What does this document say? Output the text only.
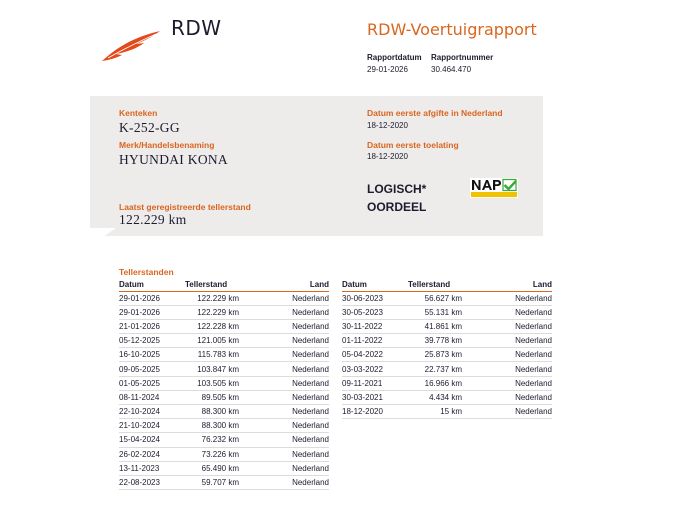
RDW	RDW-Voertuigrapport
Rapportdatum
29-01-2026
Rapportnummer
30.464.470
Kenteken
K-252-GG
Merk/Handelsbenaming
HYUNDAI KONA
Laatst geregistreerde tellerstand
122.229 km
Datum eerste afgifte in Nederland
18-12-2020
Datum eerste toelating
18-12-2020
LOGISCH*
OORDEEL
Tellerstanden
Datum	Tellerstand	Land
29-01-2026	122.229 km	Nederland
29-01-2026	122.229 km	Nederland
21-01-2026	122.228 km	Nederland
05-12-2025	121.005 km	Nederland
16-10-2025	115.783 km	Nederland
09-05-2025	103.847 km	Nederland
01-05-2025	103.505 km	Nederland
08-11-2024	89.505 km	Nederland
22-10-2024	88.300 km	Nederland
21-10-2024	88.300 km	Nederland
15-04-2024	76.232 km	Nederland
26-02-2024	73.226 km	Nederland
13-11-2023	65.490 km	Nederland
22-08-2023	59.707 km	Nederland
Datum	Tellerstand	Land
30-06-2023	56.627 km	Nederland
30-05-2023	55.131 km	Nederland
30-11-2022	41.861 km	Nederland
01-11-2022	39.778 km	Nederland
05-04-2022	25.873 km	Nederland
03-03-2022	22.737 km	Nederland
09-11-2021	16.966 km	Nederland
30-03-2021	4.434 km	Nederland
18-12-2020	15 km	Nederland
